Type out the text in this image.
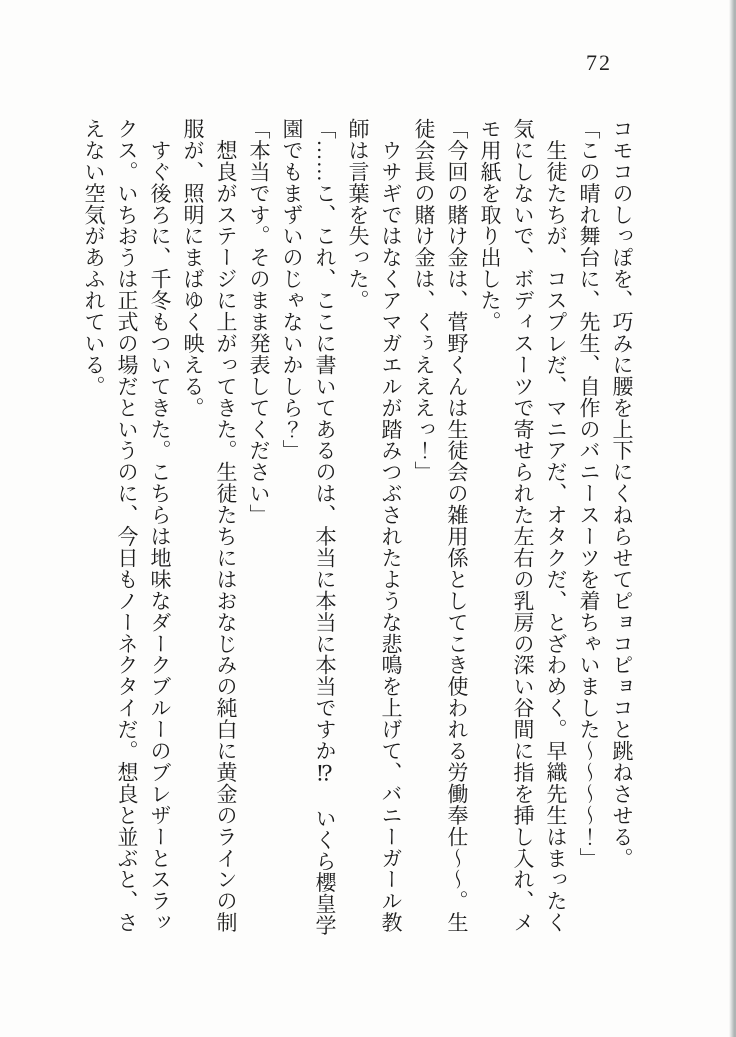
72

コモコのしっぽを、巧みに腰を上下にくねらせてピョコピョコと跳ねさせる。

「この晴れ舞台に、先生、自作のバニースーツを着ちゃいました～～～～！」

　生徒たちが、コスプレだ、マニアだ、オタクだ、とざわめく。早織先生はまったく

気にしないで、ボディスーツで寄せられた左右の乳房の深い谷間に指を挿し入れ、メ

モ用紙を取り出した。

「今回の賭け金は、菅野くんは生徒会の雑用係としてこき使われる労働奉仕～～。生

徒会長の賭け金は、くぅえええっ！」

　ウサギではなくアマガエルが踏みつぶされたような悲鳴を上げて、バニーガール教

師は言葉を失った。

「……こ、これ、ここに書いてあるのは、本当に本当に本当ですか⁉　いくら櫻皇学

園でもまずいのじゃないかしら？」

「本当です。そのまま発表してください」

　想良がステージに上がってきた。生徒たちにはおなじみの純白に黄金のラインの制

服が、照明にまばゆく映える。

　すぐ後ろに、千冬もついてきた。こちらは地味なダークブルーのブレザーとスラッ

クス。いちおうは正式の場だというのに、今日もノーネクタイだ。想良と並ぶと、さ

えない空気があふれている。
